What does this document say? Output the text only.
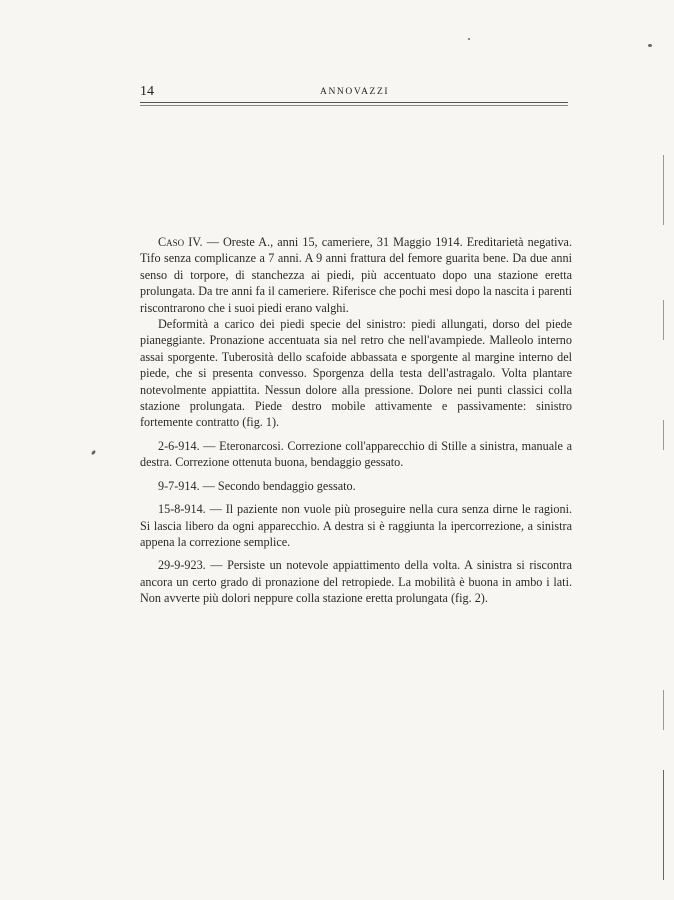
14	ANNOVAZZI

Caso IV. — Oreste A., anni 15, cameriere, 31 Maggio 1914. Ereditarietà negativa. Tifo senza complicanze a 7 anni. A 9 anni frattura del femore guarita bene. Da due anni senso di torpore, di stanchezza ai piedi, più accentuato dopo una stazione eretta prolungata. Da tre anni fa il cameriere. Riferisce che pochi mesi dopo la nascita i parenti riscontrarono che i suoi piedi erano valghi.

Deformità a carico dei piedi specie del sinistro: piedi allungati, dorso del piede pianeggiante. Pronazione accentuata sia nel retro che nell'avampiede. Malleolo interno assai sporgente. Tuberosità dello scafoide abbassata e sporgente al margine interno del piede, che si presenta convesso. Sporgenza della testa dell'astragalo. Volta plantare notevolmente appiattita. Nessun dolore alla pressione. Dolore nei punti classici colla stazione prolungata. Piede destro mobile attivamente e passivamente: sinistro fortemente contratto (fig. 1).

2-6-914. — Eteronarcosi. Correzione coll'apparecchio di Stille a sinistra, manuale a destra. Correzione ottenuta buona, bendaggio gessato.

9-7-914. — Secondo bendaggio gessato.

15-8-914. — Il paziente non vuole più proseguire nella cura senza dirne le ragioni. Si lascia libero da ogni apparecchio. A destra si è raggiunta la ipercorrezione, a sinistra appena la correzione semplice.

29-9-923. — Persiste un notevole appiattimento della volta. A sinistra si riscontra ancora un certo grado di pronazione del retropiede. La mobilità è buona in ambo i lati. Non avverte più dolori neppure colla stazione eretta prolungata (fig. 2).
